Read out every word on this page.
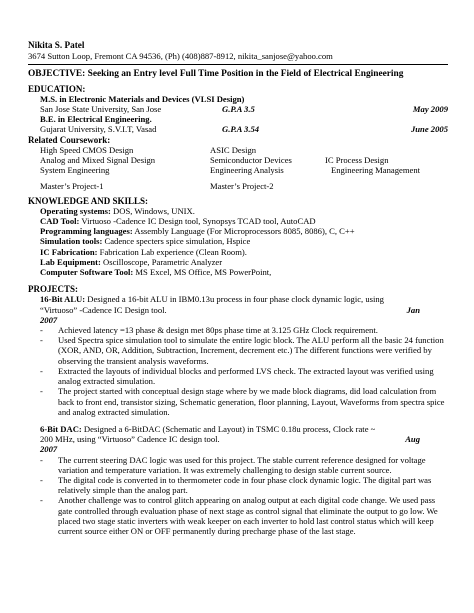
Nikita S. Patel
3674 Sutton Loop, Fremont CA 94536, (Ph) (408)887-8912, nikita_sanjose@yahoo.com
OBJECTIVE: Seeking an Entry level Full Time Position in the Field of Electrical Engineering
EDUCATION:
M.S. in Electronic Materials and Devices (VLSI Design)
San Jose State University, San Jose	G.P.A 3.5	May 2009
B.E. in Electrical Engineering.
Gujarat University, S.V.I.T, Vasad	G.P.A 3.54	June 2005
Related Coursework:
High Speed CMOS Design	ASIC Design	
Analog and Mixed Signal Design	Semiconductor Devices	IC Process Design
System Engineering	Engineering Analysis	Engineering Management

Master’s Project-1	Master’s Project-2	
KNOWLEDGE AND SKILLS:
Operating systems: DOS, Windows, UNIX.
CAD Tool: Virtuoso -Cadence IC Design tool, Synopsys TCAD tool, AutoCAD
Programming languages: Assembly Language (For Microprocessors 8085, 8086), C, C++
Simulation tools: Cadence specters spice simulation, Hspice
IC Fabrication: Fabrication Lab experience (Clean Room).
Lab Equipment: Oscilloscope, Parametric Analyzer
Computer Software Tool: MS Excel, MS Office, MS PowerPoint,
PROJECTS:
16-Bit ALU: Designed a 16-bit ALU in IBM0.13u process in four phase clock dynamic logic, using
“Virtuoso” -Cadence IC Design tool.	Jan
2007
- Achieved latency =13 phase & design met 80ps phase time at 3.125 GHz Clock requirement.
- Used Spectra spice simulation tool to simulate the entire logic block. The ALU perform all the basic 24 function (XOR, AND, OR, Addition, Subtraction, Increment, decrement etc.) The different functions were verified by observing the transient analysis waveforms.
- Extracted the layouts of individual blocks and performed LVS check. The extracted layout was verified using analog extracted simulation.
- The project started with conceptual design stage where by we made block diagrams, did load calculation from back to front end, transistor sizing, Schematic generation, floor planning, Layout, Waveforms from spectra spice and analog extracted simulation.
6-Bit DAC: Designed a 6-BitDAC (Schematic and Layout) in TSMC 0.18u process, Clock rate ~
200 MHz, using “Virtuoso” Cadence IC design tool.	Aug
2007
- The current steering DAC logic was used for this project. The stable current reference designed for voltage variation and temperature variation. It was extremely challenging to design stable current source.
- The digital code is converted in to thermometer code in four phase clock dynamic logic. The digital part was relatively simple than the analog part.
- Another challenge was to control glitch appearing on analog output at each digital code change. We used pass gate controlled through evaluation phase of next stage as control signal that eliminate the output to go low. We placed two stage static inverters with weak keeper on each inverter to hold last control status which will keep current source either ON or OFF permanently during precharge phase of the last stage.
